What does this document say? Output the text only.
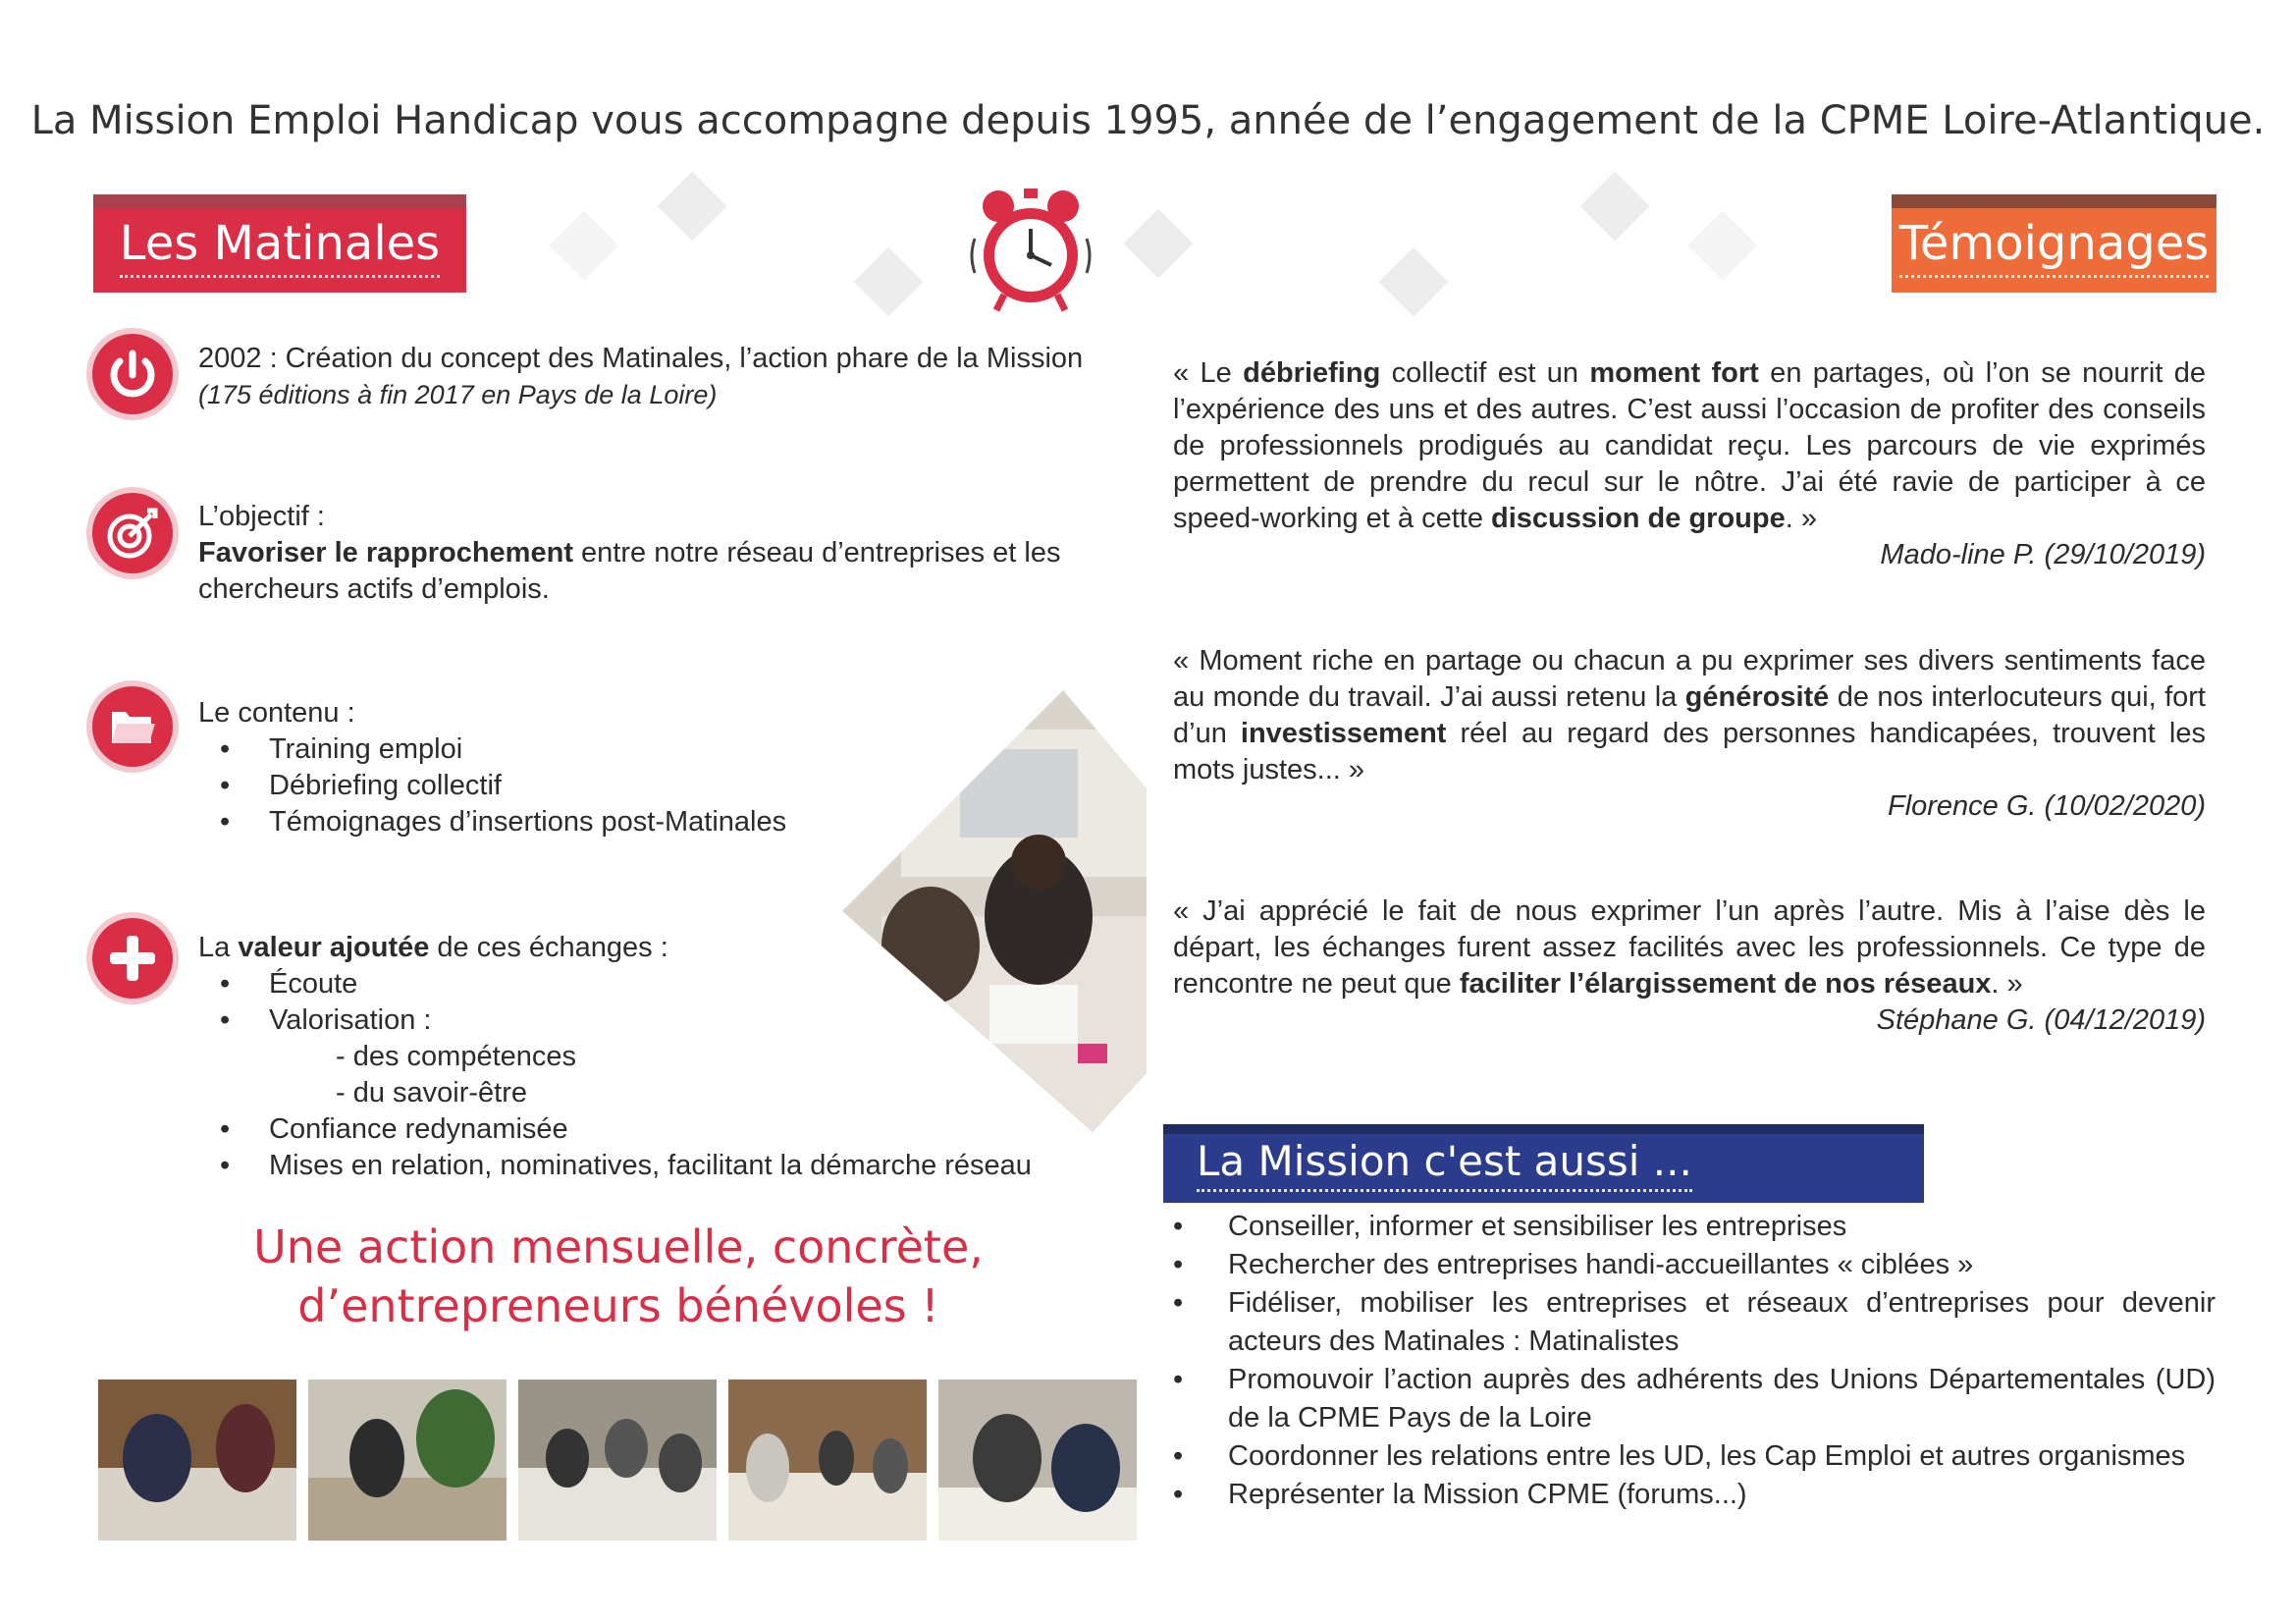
La Mission Emploi Handicap vous accompagne depuis 1995, année de l’engagement de la CPME Loire-Atlantique.
Les Matinales	Témoignages
2002 : Création du concept des Matinales, l’action phare de la Mission
(175 éditions à fin 2017 en Pays de la Loire)
L’objectif :
Favoriser le rapprochement entre notre réseau d’entreprises et les chercheurs actifs d’emplois.
Le contenu :
• Training emploi
• Débriefing collectif
• Témoignages d’insertions post-Matinales
La valeur ajoutée de ces échanges :
• Écoute
• Valorisation :
- des compétences
- du savoir-être
• Confiance redynamisée
• Mises en relation, nominatives, facilitant la démarche réseau
Une action mensuelle, concrète,
d’entrepreneurs bénévoles !
« Le débriefing collectif est un moment fort en partages, où l’on se nourrit de l’expérience des uns et des autres. C’est aussi l’occasion de profiter des conseils de professionnels prodigués au candidat reçu. Les parcours de vie exprimés permettent de prendre du recul sur le nôtre. J’ai été ravie de participer à ce speed-working et à cette discussion de groupe. »
Mado-line P. (29/10/2019)
« Moment riche en partage ou chacun a pu exprimer ses divers sentiments face au monde du travail. J’ai aussi retenu la générosité de nos interlocuteurs qui, fort d’un investissement réel au regard des personnes handicapées, trouvent les mots justes... »
Florence G. (10/02/2020)
« J’ai apprécié le fait de nous exprimer l’un après l’autre. Mis à l’aise dès le départ, les échanges furent assez facilités avec les professionnels. Ce type de rencontre ne peut que faciliter l’élargissement de nos réseaux. »
Stéphane G. (04/12/2019)
La Mission c'est aussi ...
• Conseiller, informer et sensibiliser les entreprises
• Rechercher des entreprises handi-accueillantes « ciblées »
• Fidéliser, mobiliser les entreprises et réseaux d’entreprises pour devenir acteurs des Matinales : Matinalistes
• Promouvoir l’action auprès des adhérents des Unions Départementales (UD) de la CPME Pays de la Loire
• Coordonner les relations entre les UD, les Cap Emploi et autres organismes
• Représenter la Mission CPME (forums...)
